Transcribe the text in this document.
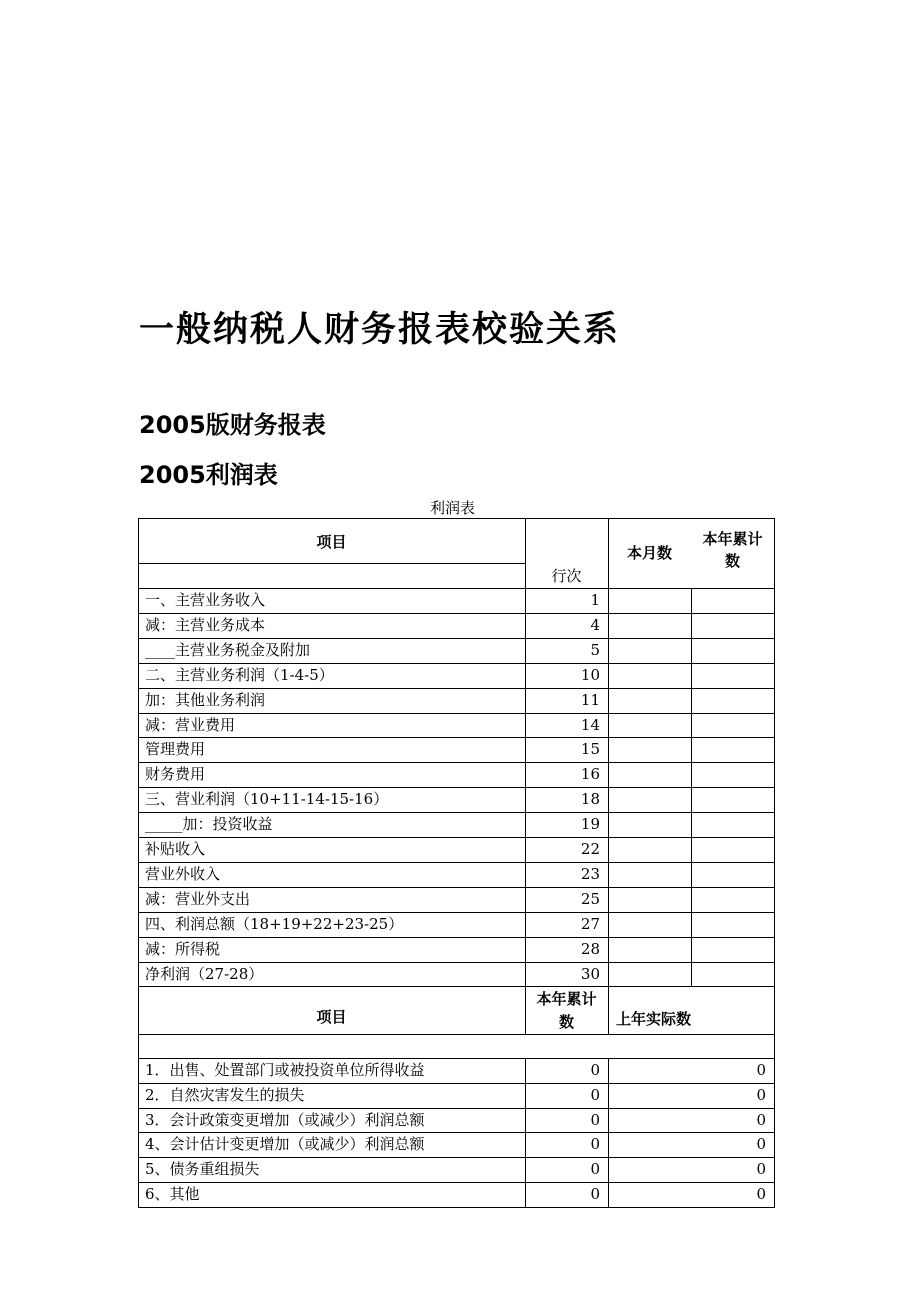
一般纳税人财务报表校验关系
2005版财务报表
2005利润表
利润表
项目
行次
本月数
本年累计数
一、主营业务收入	1
减：主营业务成本	4
____主营业务税金及附加	5
二、主营业务利润（1-4-5）	10
加：其他业务利润	11
减：营业费用	14
管理费用	15
财务费用	16
三、营业利润（10+11-14-15-16）	18
_____加：投资收益	19
补贴收入	22
营业外收入	23
减：营业外支出	25
四、利润总额（18+19+22+23-25）	27
减：所得税	28
净利润（27-28）	30
项目
本年累计数	上年实际数
1．出售、处置部门或被投资单位所得收益	0	0
2．自然灾害发生的损失	0	0
3．会计政策变更增加（或减少）利润总额	0	0
4、会计估计变更增加（或减少）利润总额	0	0
5、债务重组损失	0	0
6、其他	0	0
